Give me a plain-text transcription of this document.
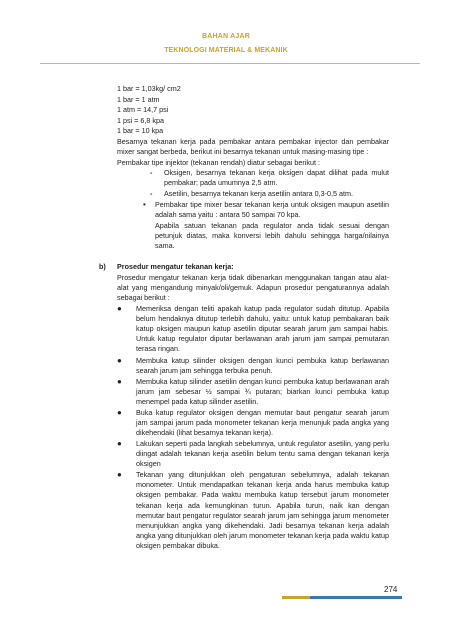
BAHAN AJAR
TEKNOLOGI MATERIAL & MEKANIK
1 bar = 1,03kg/ cm2
1 bar = 1 atm
1 atm = 14,7 psi
1 psi = 6,8 kpa
1 bar = 10 kpa
Besarnya tekanan kerja pada pembakar antara pembakar injector dan pembakar mixer sangat berbeda, berikut ini besarnya tekanan untuk masing-masing tipe :
Pembakar tipe injektor (tekanan rendah) diatur sebagai berikut :
- Oksigen, besarnya tekanan kerja oksigen dapat dilihat pada mulut pembakar; pada umumnya 2,5 atm.
- Asetilin, besarnya tekanan kerja asetilin antara 0,3-0,5 atm.
• Pembakar tipe mixer besar tekanan kerja untuk oksigen maupun asetilin adalah sama yaitu : antara 50 sampai 70 kpa.
Apabila satuan tekanan pada regulator anda tidak sesuai dengan petunjuk diatas, maka konversi lebih dahulu sehingga harga/nilainya sama.
b) Prosedur mengatur tekanan kerja:
Prosedur mengatur tekanan kerja tidak dibenarkan menggunakan tangan atau alat-alat yang mengandung minyak/oli/gemuk. Adapun prosedur pengaturannya adalah sebagai berikut :
● Memeriksa dengan teliti apakah katup pada regulator sudah ditutup. Apabila belum hendaknya ditutup terlebih dahulu, yaitu: untuk katup pembakaran baik katup oksigen maupun katup asetilin diputar searah jarum jam sampai habis. Untuk katup regulator diputar berlawanan arah jarum jam sampai pemutaran terasa ringan.
● Membuka katup silinder oksigen dengan kunci pembuka katup berlawanan searah jarum jam sehingga terbuka penuh.
● Membuka katup silinder asetilin dengan kunci pembuka katup berlawanan arah jarum jam sebesar ½ sampai ¾ putaran; biarkan kunci pembuka katup menempel pada katup silinder asetilin.
● Buka katup regulator oksigen dengan memutar baut pengatur searah jarum jam sampai jarum pada monometer tekanan kerja menunjuk pada angka yang dikehendaki (lihat besarnya tekanan kerja).
● Lakukan seperti pada langkah sebelumnya, untuk regulator asetilin, yang perlu diingat adalah tekanan kerja asetilin belum tentu sama dengan tekanan kerja oksigen
● Tekanan yang ditunjukkan oleh pengaturan sebelumnya, adalah tekanan monometer. Untuk mendapatkan tekanan kerja anda harus membuka katup oksigen pembakar. Pada waktu membuka katup tersebut jarum monometer tekanan kerja ada kemungkinan turun. Apabila turun, naik kan dengan memutar baut pengatur regulator searah jarum jam sehingga jarum menometer menunjukkan angka yang dikehendaki. Jadi besarnya tekanan kerja adalah angka yang ditunjukkan oleh jarum monometer tekanan kerja pada waktu katup oksigen pembakar dibuka.
274
